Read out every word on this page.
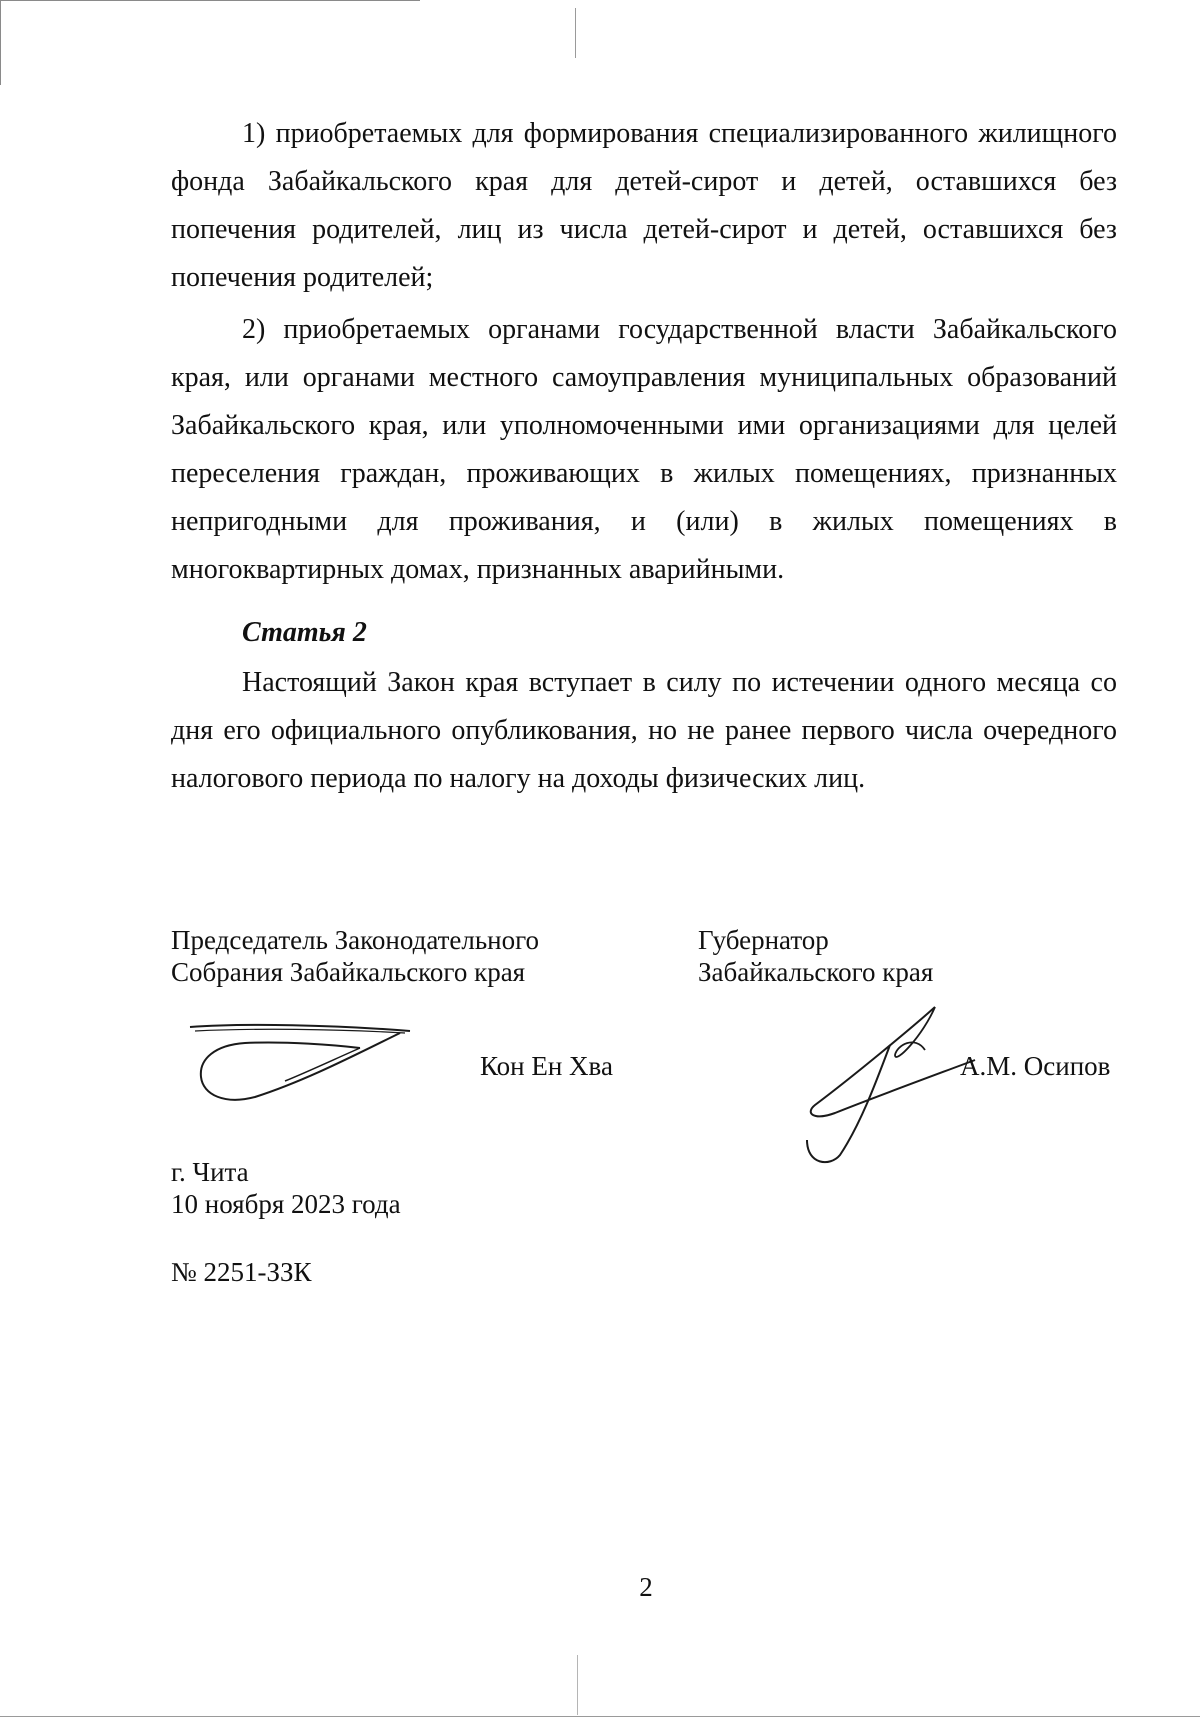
1) приобретаемых для формирования специализированного жилищного фонда Забайкальского края для детей-сирот и детей, оставшихся без попечения родителей, лиц из числа детей-сирот и детей, оставшихся без попечения родителей;

2) приобретаемых органами государственной власти Забайкальского края, или органами местного самоуправления муниципальных образований Забайкальского края, или уполномоченными ими организациями для целей переселения граждан, проживающих в жилых помещениях, признанных непригодными для проживания, и (или) в жилых помещениях в многоквартирных домах, признанных аварийными.

Статья 2

Настоящий Закон края вступает в силу по истечении одного месяца со дня его официального опубликования, но не ранее первого числа очередного налогового периода по налогу на доходы физических лиц.

Председатель Законодательного
Собрания Забайкальского края
Губернатор
Забайкальского края
Кон Ен Хва	А.М. Осипов
г. Чита
10 ноября 2023 года
№ 2251-ЗЗК
2
